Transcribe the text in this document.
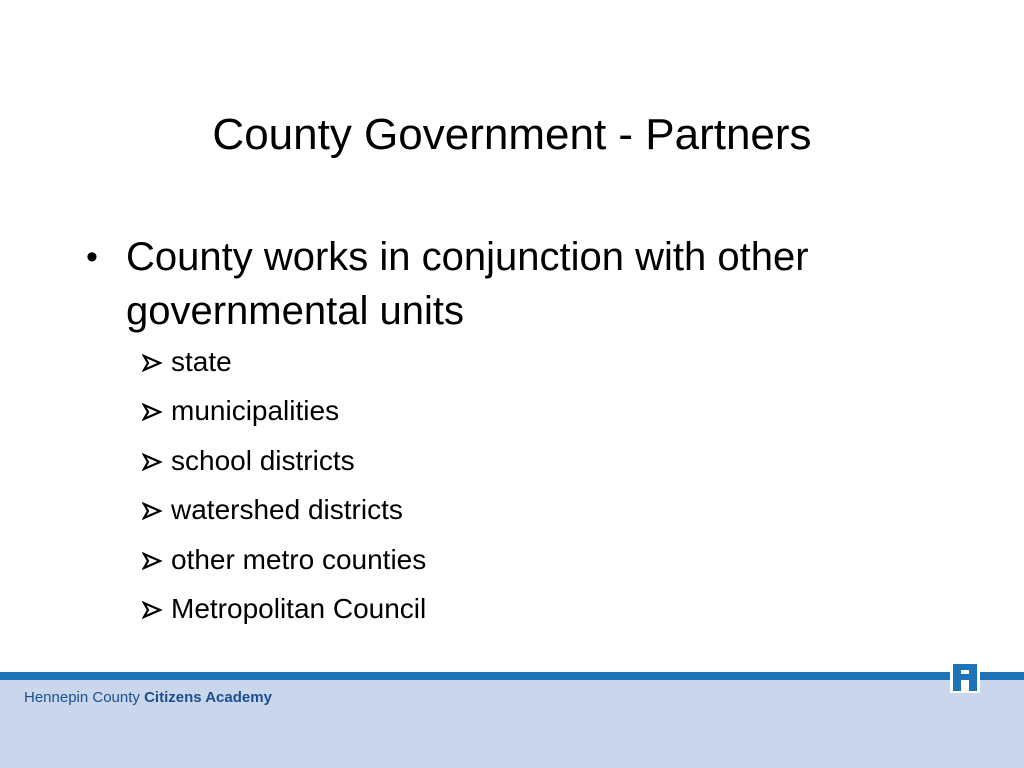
County Government - Partners
• County works in conjunction with other governmental units
state
municipalities
school districts
watershed districts
other metro counties
Metropolitan Council
Hennepin County Citizens Academy
